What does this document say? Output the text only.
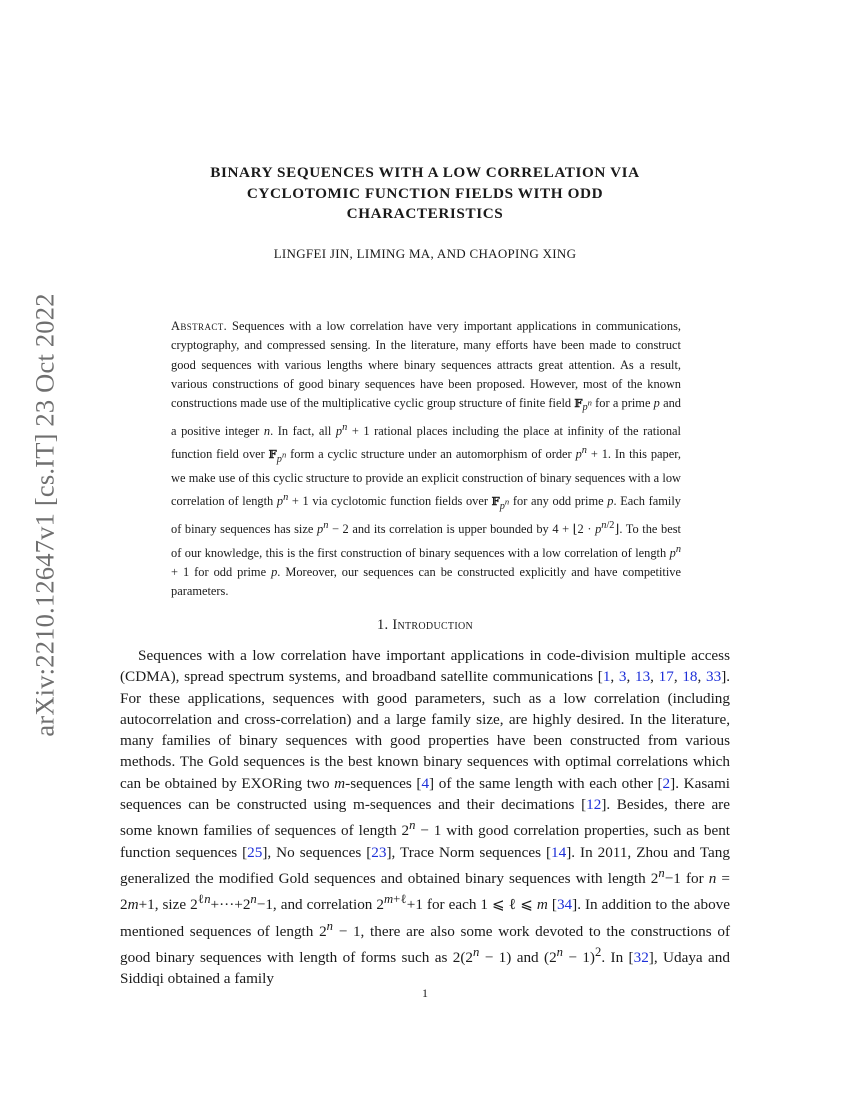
arXiv:2210.12647v1 [cs.IT] 23 Oct 2022
BINARY SEQUENCES WITH A LOW CORRELATION VIA
CYCLOTOMIC FUNCTION FIELDS WITH ODD
CHARACTERISTICS
LINGFEI JIN, LIMING MA, AND CHAOPING XING
Abstract. Sequences with a low correlation have very important applications in communications, cryptography, and compressed sensing. In the literature, many efforts have been made to construct good sequences with various lengths where binary sequences attracts great attention. As a result, various constructions of good binary sequences have been proposed. However, most of the known constructions made use of the multiplicative cyclic group structure of finite field 𝔽$_{p^n}$ for a prime p and a positive integer n. In fact, all $p^n + 1$ rational places including the place at infinity of the rational function field over 𝔽$_{p^n}$ form a cyclic structure under an automorphism of order $p^n + 1$. In this paper, we make use of this cyclic structure to provide an explicit construction of binary sequences with a low correlation of length $p^n + 1$ via cyclotomic function fields over 𝔽$_{p^n}$ for any odd prime p. Each family of binary sequences has size $p^n - 2$ and its correlation is upper bounded by 4 + ⌊2 · $p^{n/2}⌋$. To the best of our knowledge, this is the first construction of binary sequences with a low correlation of length $p^n + 1$ for odd prime p. Moreover, our sequences can be constructed explicitly and have competitive parameters.
1. Introduction

Sequences with a low correlation have important applications in code-division multiple access (CDMA), spread spectrum systems, and broadband satellite communications [1, 3, 13, 17, 18, 33]. For these applications, sequences with good parameters, such as a low correlation (including autocorrelation and cross-correlation) and a large family size, are highly desired. In the literature, many families of binary sequences with good properties have been constructed from various methods. The Gold sequences is the best known binary sequences with optimal correlations which can be obtained by EXORing two m-sequences [4] of the same length with each other [2]. Kasami sequences can be constructed using m-sequences and their decimations [12]. Besides, there are some known families of sequences of length $2^n - 1$ with good correlation properties, such as bent function sequences [25], No sequences [23], Trace Norm sequences [14]. In 2011, Zhou and Tang generalized the modified Gold sequences and obtained binary sequences with length $2^n-1$ for n = 2m+1, size $2^{\ell n}+\cdot\cdot\cdot+2^n-1$, and correlation $2^{m+\ell}+1$ for each 1 ⩽ ℓ ⩽ m [34]. In addition to the above mentioned sequences of length $2^n - 1$, there are also some work devoted to the constructions of good binary sequences with length of forms such as $2(2^n - 1)$ and $(2^n - 1)^2$. In [32], Udaya and Siddiqi obtained a family

1
